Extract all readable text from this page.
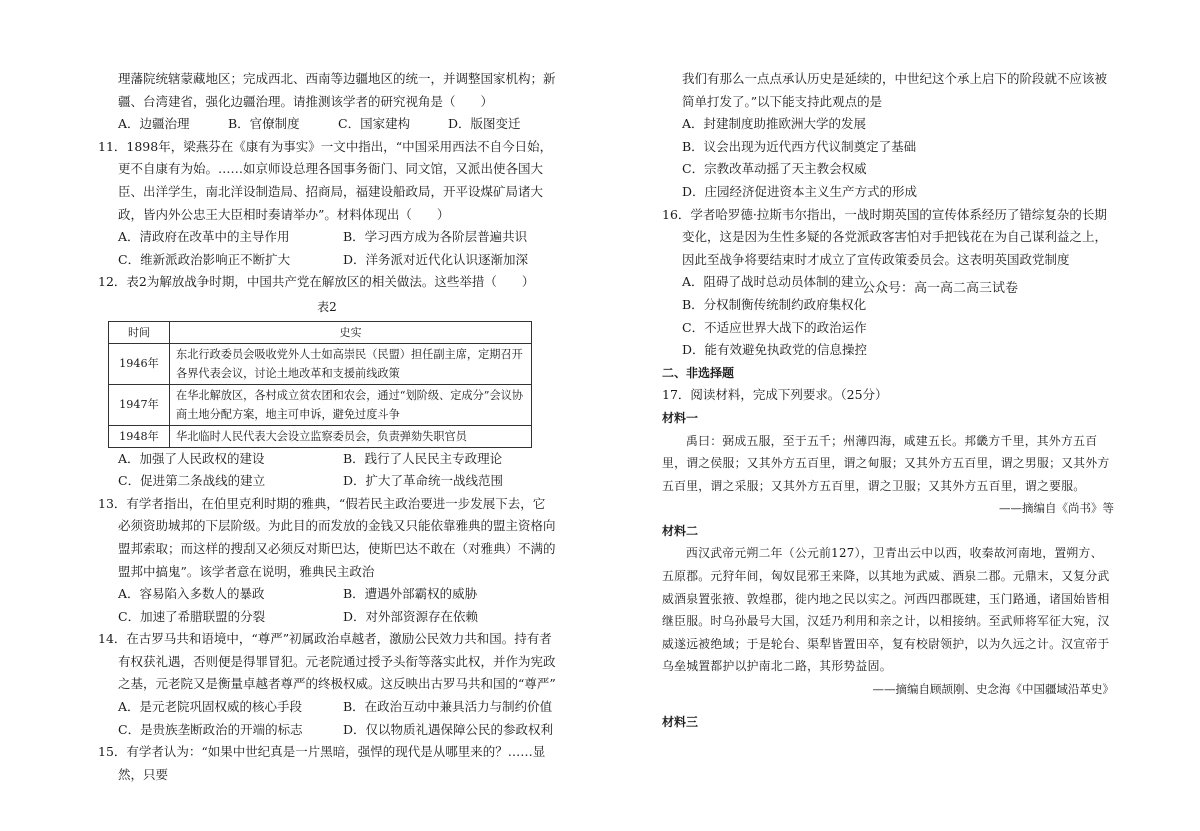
理藩院统辖蒙藏地区；完成西北、西南等边疆地区的统一，并调整国家机构；新疆、台湾建省，强化边疆治理。请推测该学者的研究视角是（　　）

A．边疆治理	B．官僚制度	C．国家建构	D．版图变迁

11．1898年，梁燕芬在《康有为事实》一文中指出，“中国采用西法不自今日始，更不自康有为始。……如京师设总理各国事务衙门、同文馆，又派出使各国大臣、出洋学生，南北洋设制造局、招商局，福建设船政局，开平设煤矿局诸大政，皆内外公忠王大臣相时奏请举办”。材料体现出（　　）

A．清政府在改革中的主导作用	B．学习西方成为各阶层普遍共识
C．维新派政治影响正不断扩大	D．洋务派对近代化认识逐渐加深

12．表2为解放战争时期，中国共产党在解放区的相关做法。这些举措（　　）

表2

时间	史实
1946年	东北行政委员会吸收党外人士如高崇民（民盟）担任副主席，定期召开各界代表会议，讨论土地改革和支援前线政策
1947年	在华北解放区，各村成立贫农团和农会，通过“划阶级、定成分”会议协商土地分配方案，地主可申诉，避免过度斗争
1948年	华北临时人民代表大会设立监察委员会，负责弹劾失职官员
A．加强了人民政权的建设	B．践行了人民民主专政理论
C．促进第二条战线的建立	D．扩大了革命统一战线范围

13．有学者指出，在伯里克利时期的雅典，“假若民主政治要进一步发展下去，它必须资助城邦的下层阶级。为此目的而发放的金钱又只能依靠雅典的盟主资格向盟邦索取；而这样的搜刮又必须反对斯巴达，使斯巴达不敢在（对雅典）不满的盟邦中搞鬼”。该学者意在说明，雅典民主政治

A．容易陷入多数人的暴政	B．遭遇外部霸权的威胁
C．加速了希腊联盟的分裂	D．对外部资源存在依赖

14．在古罗马共和语境中，“尊严”初属政治卓越者，激励公民效力共和国。持有者有权获礼遇，否则便是得罪冒犯。元老院通过授予头衔等落实此权，并作为宪政之基，元老院又是衡量卓越者尊严的终极权威。这反映出古罗马共和国的“尊严”

A．是元老院巩固权威的核心手段	B．在政治互动中兼具活力与制约价值
C．是贵族垄断政治的开端的标志	D．仅以物质礼遇保障公民的参政权利

15．有学者认为：“如果中世纪真是一片黑暗，强悍的现代是从哪里来的？……显然，只要

我们有那么一点点承认历史是延续的，中世纪这个承上启下的阶段就不应该被简单打发了。”以下能支持此观点的是

A．封建制度助推欧洲大学的发展

B．议会出现为近代西方代议制奠定了基础

C．宗教改革动摇了天主教会权威

D．庄园经济促进资本主义生产方式的形成

16．学者哈罗德·拉斯韦尔指出，一战时期英国的宣传体系经历了错综复杂的长期变化，这是因为生性多疑的各党派政客害怕对手把钱花在为自己谋利益之上，因此至战争将要结束时才成立了宣传政策委员会。这表明英国政党制度

A．阻碍了战时总动员体制的建立

B．分权制衡传统制约政府集权化

C．不适应世界大战下的政治运作

D．能有效避免执政党的信息操控

二、非选择题

17．阅读材料，完成下列要求。（25分）

材料一

禹曰：弼成五服，至于五千；州薄四海，咸建五长。邦畿方千里，其外方五百里，谓之侯服；又其外方五百里，谓之甸服；又其外方五百里，谓之男服；又其外方五百里，谓之采服；又其外方五百里，谓之卫服；又其外方五百里，谓之要服。

——摘编自《尚书》等

材料二

西汉武帝元朔二年（公元前127），卫青出云中以西，收秦故河南地，置朔方、五原郡。元狩年间，匈奴昆邪王来降，以其地为武威、酒泉二郡。元鼎末，又复分武威酒泉置张掖、敦煌郡，徙内地之民以实之。河西四郡既建，玉门路通，诸国始皆相继臣服。时乌孙最号大国，汉廷乃利用和亲之计，以相接纳。至武师将军征大宛，汉威遂远被绝域；于是轮台、渠犁皆置田卒，复有校尉领护，以为久远之计。汉宣帝于乌垒城置都护以护南北二路，其形势益固。

——摘编自顾颉刚、史念海《中国疆域沿革史》

材料三

公众号：高一高二高三试卷
